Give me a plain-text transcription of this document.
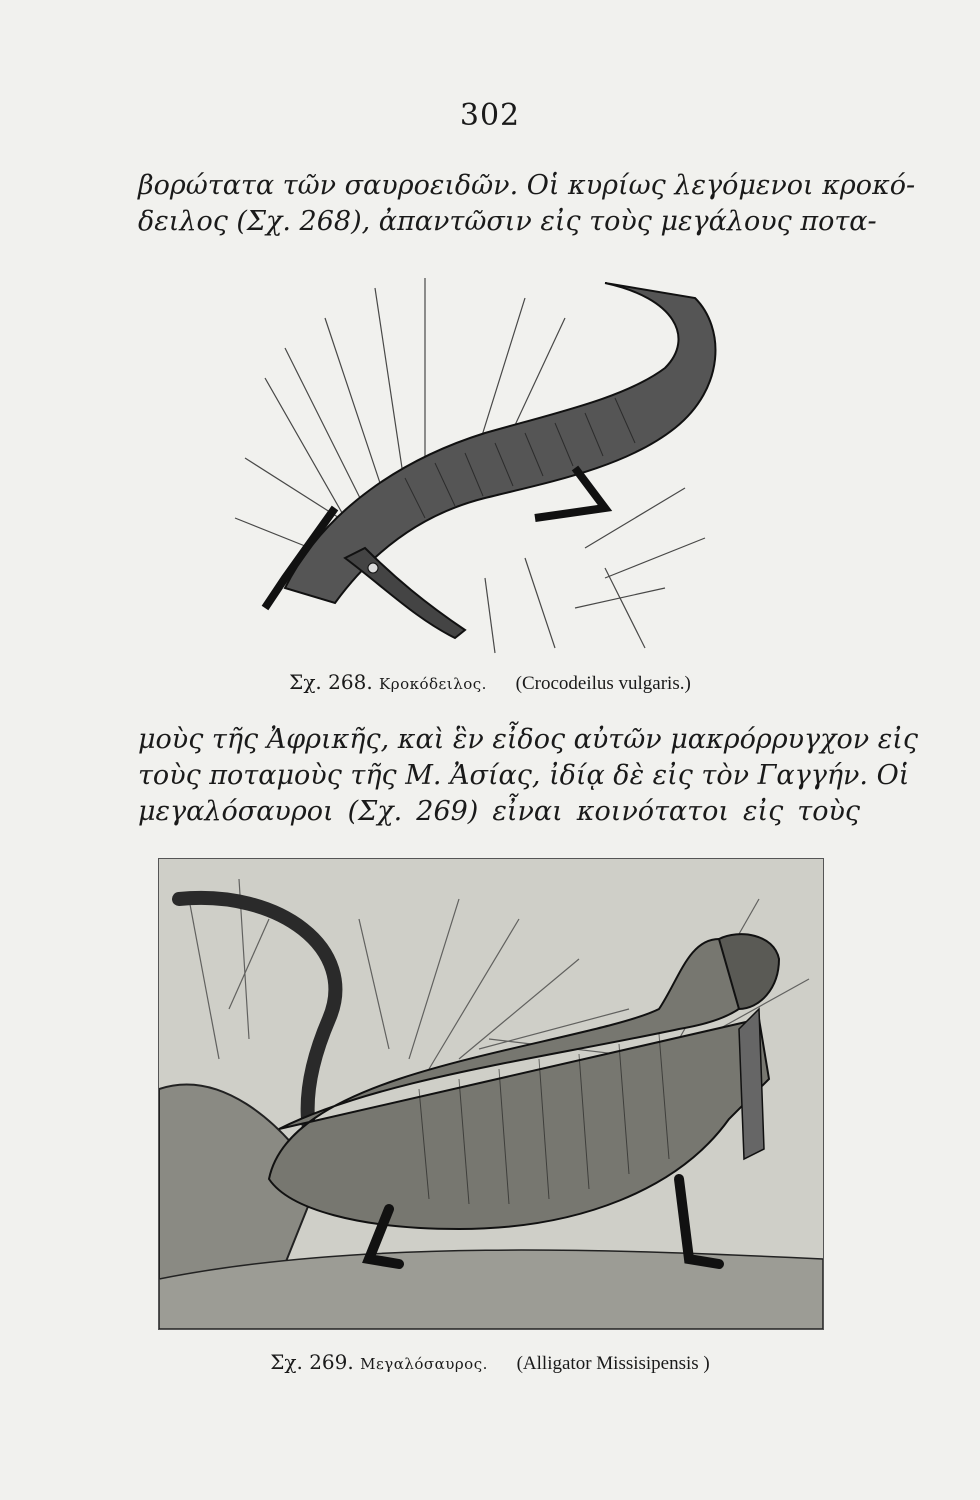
302
βορώτατα τῶν σαυροειδῶν. Οἱ κυρίως λεγόμενοι κροκό-
δειλος (Σχ. 268), ἀπαντῶσιν εἰς τοὺς μεγάλους ποτα-
Σχ. 268. Κροκόδειλος. (Crocodeilus vulgaris.)
μοὺς τῆς Ἀφρικῆς, καὶ ἓν εἶδος αὐτῶν μακρόρρυγχον εἰς
τοὺς ποταμοὺς τῆς Μ. Ἀσίας, ἰδίᾳ δὲ εἰς τὸν Γαγγήν. Οἱ
μεγαλόσαυροι (Σχ. 269) εἶναι κοινότατοι εἰς τοὺς
Σχ. 269. Μεγαλόσαυρος. (Alligator Missisipensis )
